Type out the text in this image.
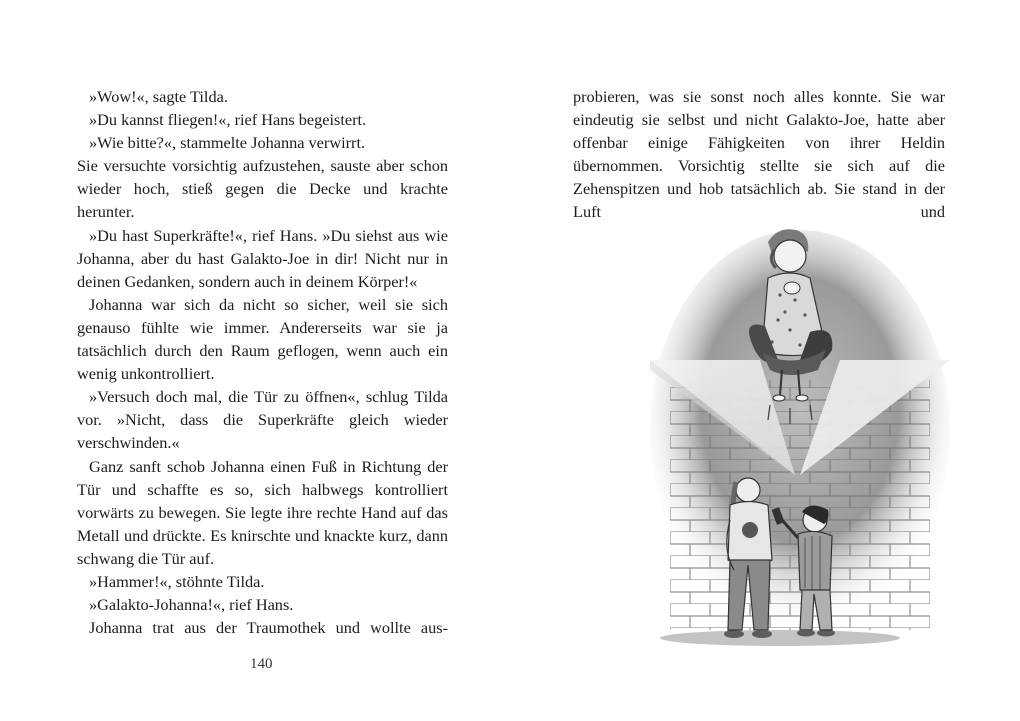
»Wow!«, sagte Tilda.

»Du kannst fliegen!«, rief Hans begeistert.

»Wie bitte?«, stammelte Johanna verwirrt.

Sie versuchte vorsichtig aufzustehen, sauste aber schon wieder hoch, stieß gegen die Decke und krachte herunter.

»Du hast Superkräfte!«, rief Hans. »Du siehst aus wie Johanna, aber du hast Galakto-Joe in dir! Nicht nur in deinen Gedanken, sondern auch in deinem Körper!«

Johanna war sich da nicht so sicher, weil sie sich genauso fühlte wie immer. Andererseits war sie ja tatsächlich durch den Raum geflogen, wenn auch ein wenig unkontrolliert.

»Versuch doch mal, die Tür zu öffnen«, schlug Tilda vor. »Nicht, dass die Superkräfte gleich wieder verschwinden.«

Ganz sanft schob Johanna einen Fuß in Richtung der Tür und schaffte es so, sich halbwegs kontrolliert vorwärts zu bewegen. Sie legte ihre rechte Hand auf das Metall und drückte. Es knirschte und knackte kurz, dann schwang die Tür auf.

»Hammer!«, stöhnte Tilda.

»Galakto-Johanna!«, rief Hans.

Johanna trat aus der Traumothek und wollte aus-

140

probieren, was sie sonst noch alles konnte. Sie war eindeutig sie selbst und nicht Galakto-Joe, hatte aber offenbar einige Fähigkeiten von ihrer Heldin übernommen. Vorsichtig stellte sie sich auf die Zehenspitzen und hob tatsächlich ab. Sie stand in der Luft und
